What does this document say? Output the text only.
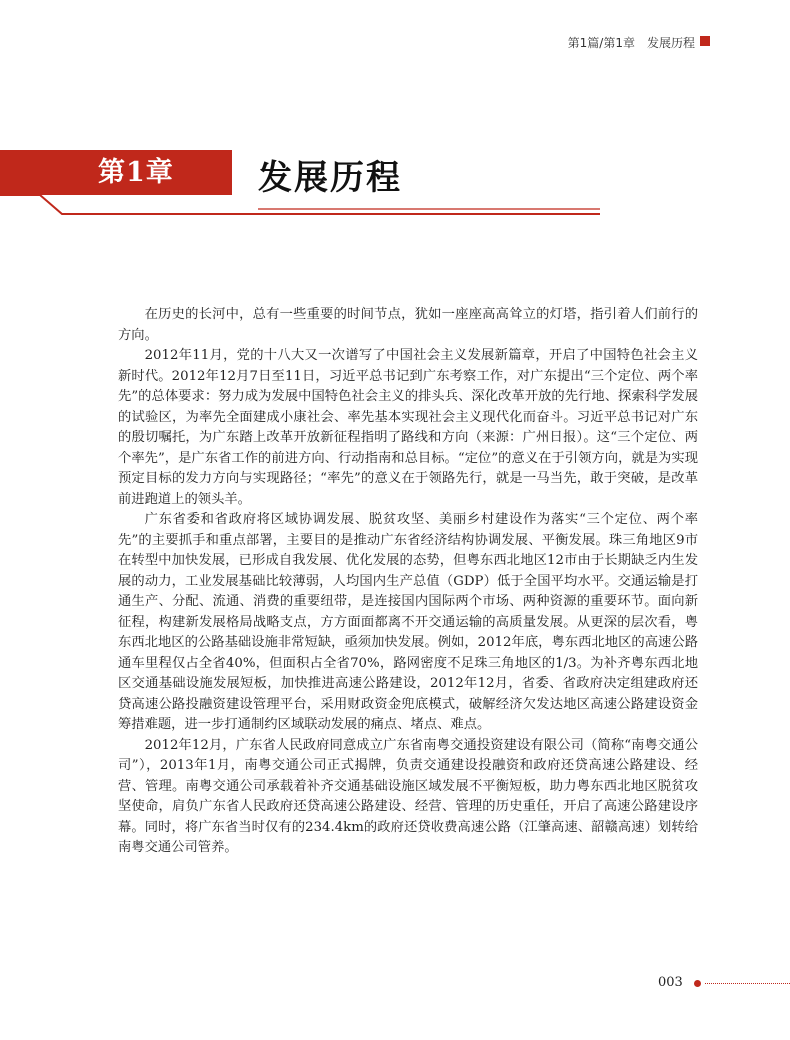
第1篇/第1章　发展历程
第1章 发展历程

在历史的长河中，总有一些重要的时间节点，犹如一座座高高耸立的灯塔，指引着人们前行的方向。

2012年11月，党的十八大又一次谱写了中国社会主义发展新篇章，开启了中国特色社会主义新时代。2012年12月7日至11日，习近平总书记到广东考察工作，对广东提出“三个定位、两个率先”的总体要求：努力成为发展中国特色社会主义的排头兵、深化改革开放的先行地、探索科学发展的试验区，为率先全面建成小康社会、率先基本实现社会主义现代化而奋斗。习近平总书记对广东的殷切嘱托，为广东踏上改革开放新征程指明了路线和方向（来源：广州日报）。这“三个定位、两个率先”，是广东省工作的前进方向、行动指南和总目标。“定位”的意义在于引领方向，就是为实现预定目标的发力方向与实现路径；“率先”的意义在于领路先行，就是一马当先，敢于突破，是改革前进跑道上的领头羊。

广东省委和省政府将区域协调发展、脱贫攻坚、美丽乡村建设作为落实“三个定位、两个率先”的主要抓手和重点部署，主要目的是推动广东省经济结构协调发展、平衡发展。珠三角地区9市在转型中加快发展，已形成自我发展、优化发展的态势，但粤东西北地区12市由于长期缺乏内生发展的动力，工业发展基础比较薄弱，人均国内生产总值（GDP）低于全国平均水平。交通运输是打通生产、分配、流通、消费的重要纽带，是连接国内国际两个市场、两种资源的重要环节。面向新征程，构建新发展格局战略支点，方方面面都离不开交通运输的高质量发展。从更深的层次看，粤东西北地区的公路基础设施非常短缺，亟须加快发展。例如，2012年底，粤东西北地区的高速公路通车里程仅占全省40%，但面积占全省70%，路网密度不足珠三角地区的1/3。为补齐粤东西北地区交通基础设施发展短板，加快推进高速公路建设，2012年12月，省委、省政府决定组建政府还贷高速公路投融资建设管理平台，采用财政资金兜底模式，破解经济欠发达地区高速公路建设资金筹措难题，进一步打通制约区域联动发展的痛点、堵点、难点。

2012年12月，广东省人民政府同意成立广东省南粤交通投资建设有限公司（简称“南粤交通公司”），2013年1月，南粤交通公司正式揭牌，负责交通建设投融资和政府还贷高速公路建设、经营、管理。南粤交通公司承载着补齐交通基础设施区域发展不平衡短板，助力粤东西北地区脱贫攻坚使命，肩负广东省人民政府还贷高速公路建设、经营、管理的历史重任，开启了高速公路建设序幕。同时，将广东省当时仅有的234.4km的政府还贷收费高速公路（江肇高速、韶赣高速）划转给南粤交通公司管养。

003
